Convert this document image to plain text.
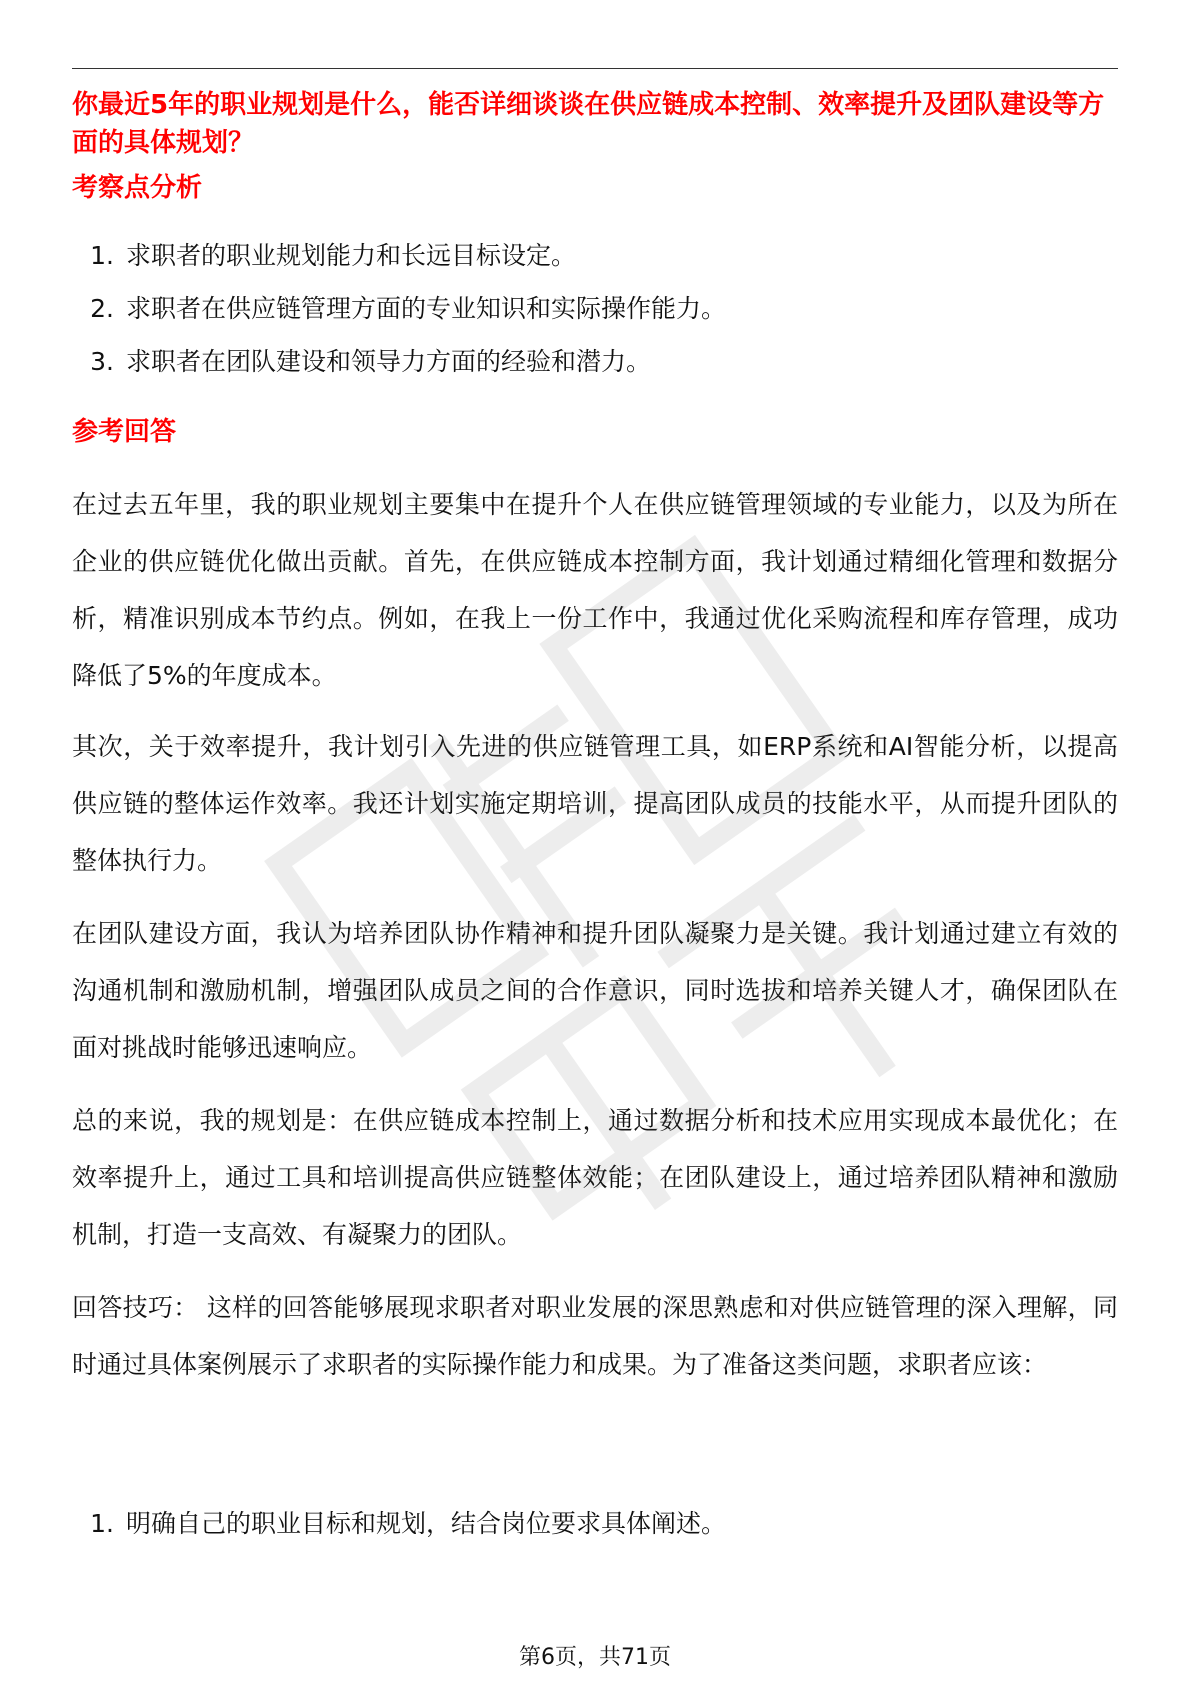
你最近5年的职业规划是什么，能否详细谈谈在供应链成本控制、效率提升及团队建设等方面的具体规划？
考察点分析
1. 求职者的职业规划能力和长远目标设定。
2. 求职者在供应链管理方面的专业知识和实际操作能力。
3. 求职者在团队建设和领导力方面的经验和潜力。
参考回答
在过去五年里，我的职业规划主要集中在提升个人在供应链管理领域的专业能力，以及为所在企业的供应链优化做出贡献。首先，在供应链成本控制方面，我计划通过精细化管理和数据分析，精准识别成本节约点。例如，在我上一份工作中，我通过优化采购流程和库存管理，成功降低了5%的年度成本。
其次，关于效率提升，我计划引入先进的供应链管理工具，如ERP系统和AI智能分析，以提高供应链的整体运作效率。我还计划实施定期培训，提高团队成员的技能水平，从而提升团队的整体执行力。
在团队建设方面，我认为培养团队协作精神和提升团队凝聚力是关键。我计划通过建立有效的沟通机制和激励机制，增强团队成员之间的合作意识，同时选拔和培养关键人才，确保团队在面对挑战时能够迅速响应。
总的来说，我的规划是：在供应链成本控制上，通过数据分析和技术应用实现成本最优化；在效率提升上，通过工具和培训提高供应链整体效能；在团队建设上，通过培养团队精神和激励机制，打造一支高效、有凝聚力的团队。
回答技巧： 这样的回答能够展现求职者对职业发展的深思熟虑和对供应链管理的深入理解，同时通过具体案例展示了求职者的实际操作能力和成果。为了准备这类问题，求职者应该：
1. 明确自己的职业目标和规划，结合岗位要求具体阐述。
第6页，共71页
